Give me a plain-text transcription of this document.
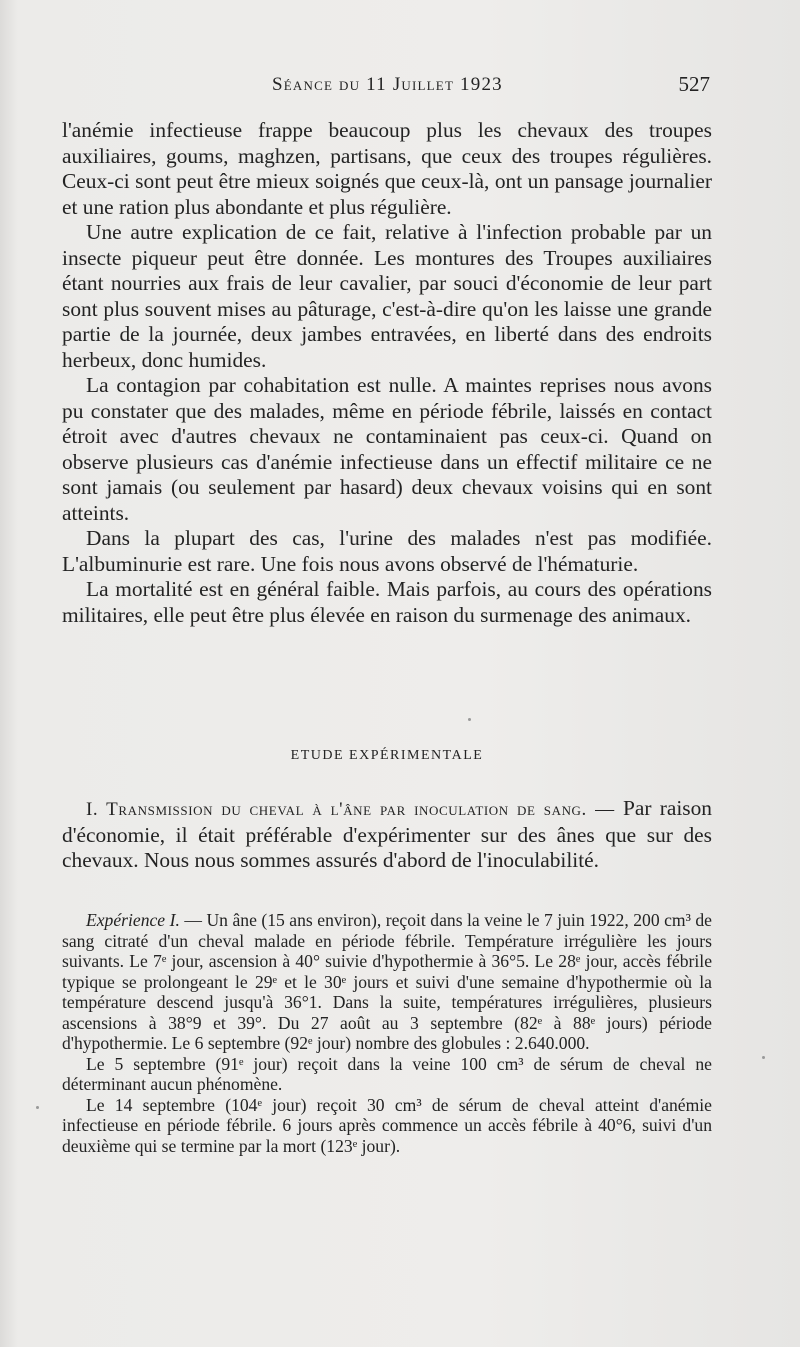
Séance du 11 Juillet 1923	527

l'anémie infectieuse frappe beaucoup plus les chevaux des troupes auxiliaires, goums, maghzen, partisans, que ceux des troupes régulières. Ceux-ci sont peut être mieux soignés que ceux-là, ont un pansage journalier et une ration plus abondante et plus régulière.

Une autre explication de ce fait, relative à l'infection probable par un insecte piqueur peut être donnée. Les montures des Troupes auxiliaires étant nourries aux frais de leur cavalier, par souci d'économie de leur part sont plus souvent mises au pâturage, c'est-à-dire qu'on les laisse une grande partie de la journée, deux jambes entravées, en liberté dans des endroits herbeux, donc humides.

La contagion par cohabitation est nulle. A maintes reprises nous avons pu constater que des malades, même en période fébrile, laissés en contact étroit avec d'autres chevaux ne contaminaient pas ceux-ci. Quand on observe plusieurs cas d'anémie infectieuse dans un effectif militaire ce ne sont jamais (ou seulement par hasard) deux chevaux voisins qui en sont atteints.

Dans la plupart des cas, l'urine des malades n'est pas modifiée. L'albuminurie est rare. Une fois nous avons observé de l'hématurie.

La mortalité est en général faible. Mais parfois, au cours des opérations militaires, elle peut être plus élevée en raison du surmenage des animaux.

ETUDE EXPÉRIMENTALE

I. Transmission du cheval à l'âne par inoculation de sang. — Par raison d'économie, il était préférable d'expérimenter sur des ânes que sur des chevaux. Nous nous sommes assurés d'abord de l'inoculabilité.

Expérience I. — Un âne (15 ans environ), reçoit dans la veine le 7 juin 1922, 200 cm³ de sang citraté d'un cheval malade en période fébrile. Température irrégulière les jours suivants. Le 7ᵉ jour, ascension à 40° suivie d'hypothermie à 36°5. Le 28ᵉ jour, accès fébrile typique se prolongeant le 29ᵉ et le 30ᵉ jours et suivi d'une semaine d'hypothermie où la température descend jusqu'à 36°1. Dans la suite, températures irrégulières, plusieurs ascensions à 38°9 et 39°. Du 27 août au 3 septembre (82ᵉ à 88ᵉ jours) période d'hypothermie. Le 6 septembre (92ᵉ jour) nombre des globules : 2.640.000.

Le 5 septembre (91ᵉ jour) reçoit dans la veine 100 cm³ de sérum de cheval ne déterminant aucun phénomène.

Le 14 septembre (104ᵉ jour) reçoit 30 cm³ de sérum de cheval atteint d'anémie infectieuse en période fébrile. 6 jours après commence un accès fébrile à 40°6, suivi d'un deuxième qui se termine par la mort (123ᵉ jour).
